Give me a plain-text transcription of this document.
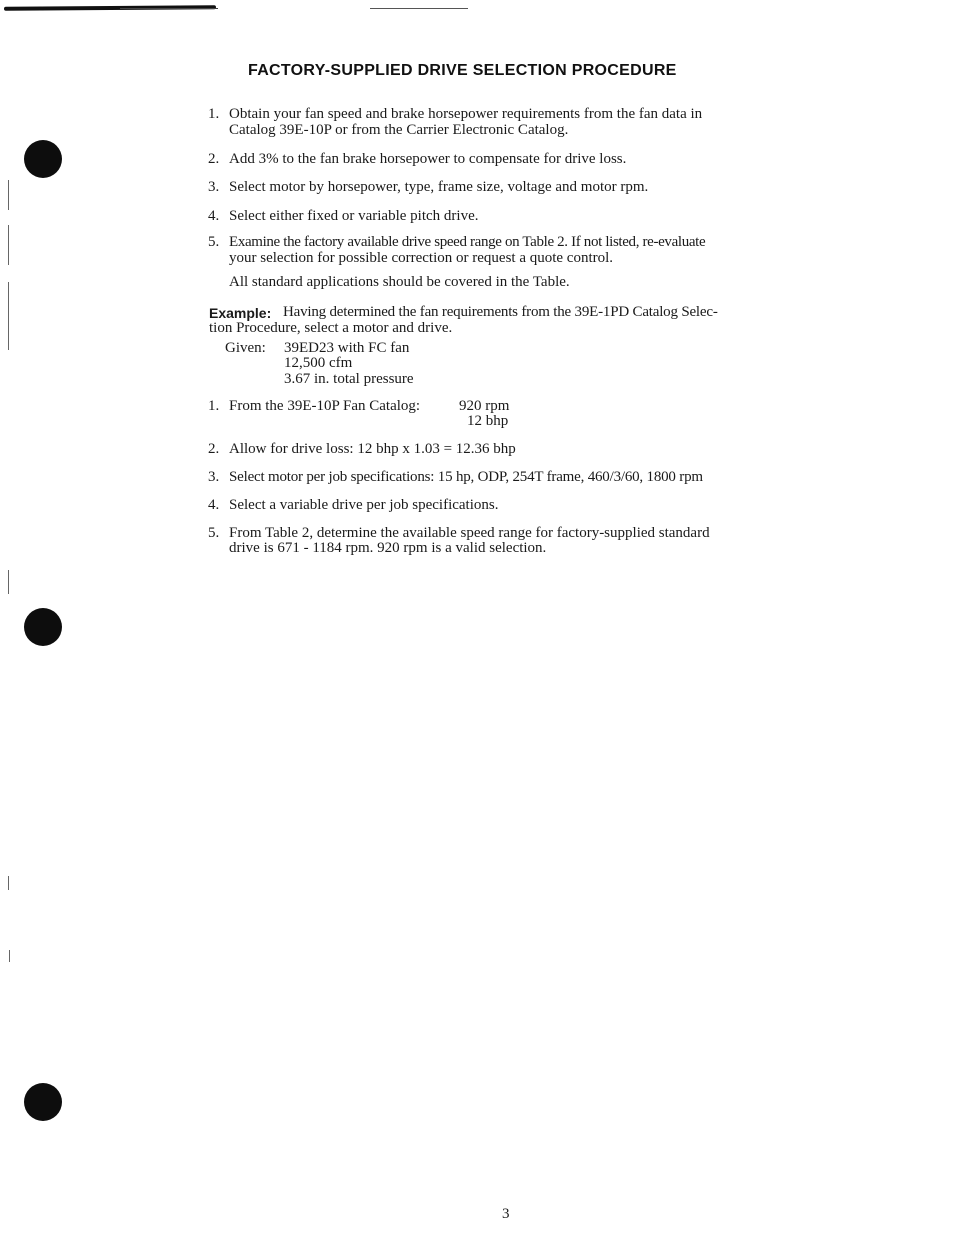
FACTORY-SUPPLIED DRIVE SELECTION PROCEDURE
1. Obtain your fan speed and brake horsepower requirements from the fan data in
Catalog 39E-10P or from the Carrier Electronic Catalog.
2. Add 3% to the fan brake horsepower to compensate for drive loss.
3. Select motor by horsepower, type, frame size, voltage and motor rpm.
4. Select either fixed or variable pitch drive.
5. Examine the factory available drive speed range on Table 2. If not listed, re-evaluate
your selection for possible correction or request a quote control.
All standard applications should be covered in the Table.
Example: Having determined the fan requirements from the 39E-1PD Catalog Selec-
tion Procedure, select a motor and drive.
Given: 39ED23 with FC fan
12,500 cfm
3.67 in. total pressure
1. From the 39E-10P Fan Catalog:	920 rpm
12 bhp
2. Allow for drive loss: 12 bhp x 1.03 = 12.36 bhp
3. Select motor per job specifications: 15 hp, ODP, 254T frame, 460/3/60, 1800 rpm
4. Select a variable drive per job specifications.
5. From Table 2, determine the available speed range for factory-supplied standard
drive is 671 - 1184 rpm. 920 rpm is a valid selection.
3
